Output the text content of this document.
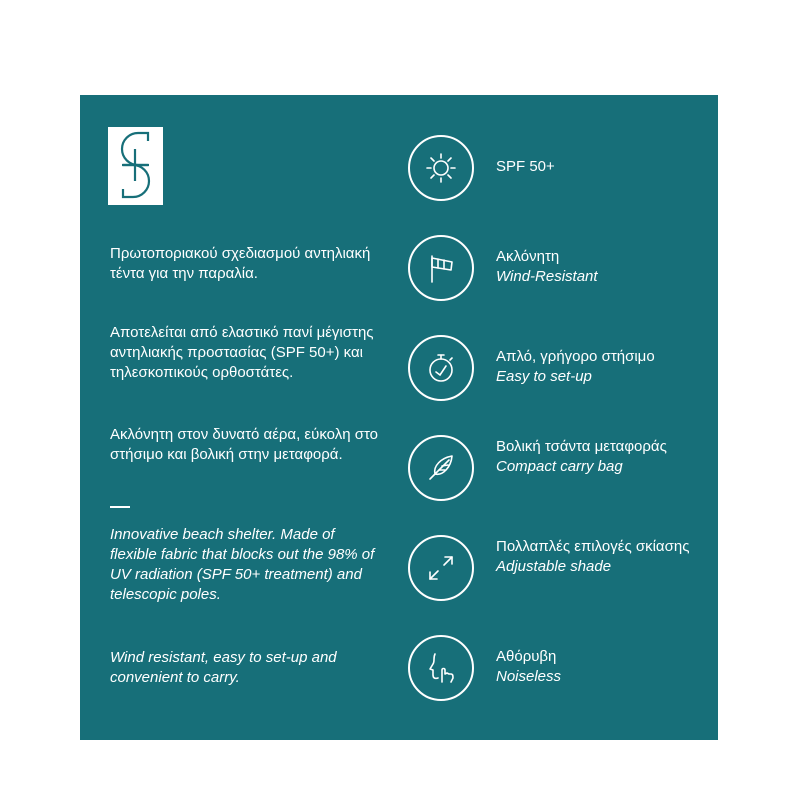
Πρωτοποριακού σχεδιασμού αντηλιακή τέντα για την παραλία.

Αποτελείται από ελαστικό πανί μέγιστης αντηλιακής προστασίας (SPF 50+) και τηλεσκοπικούς ορθοστάτες.

Ακλόνητη στον δυνατό αέρα, εύκολη στο στήσιμο και βολική στην μεταφορά.

Innovative beach shelter. Made of flexible fabric that blocks out the 98% of UV radiation (SPF 50+ treatment) and telescopic poles.

Wind resistant, easy to set-up and convenient to carry.

SPF 50+
Ακλόνητη
Wind-Resistant
Απλό, γρήγορο στήσιμο
Easy to set-up
Βολική τσάντα μεταφοράς
Compact carry bag
Πολλαπλές επιλογές σκίασης
Adjustable shade
Αθόρυβη
Noiseless
